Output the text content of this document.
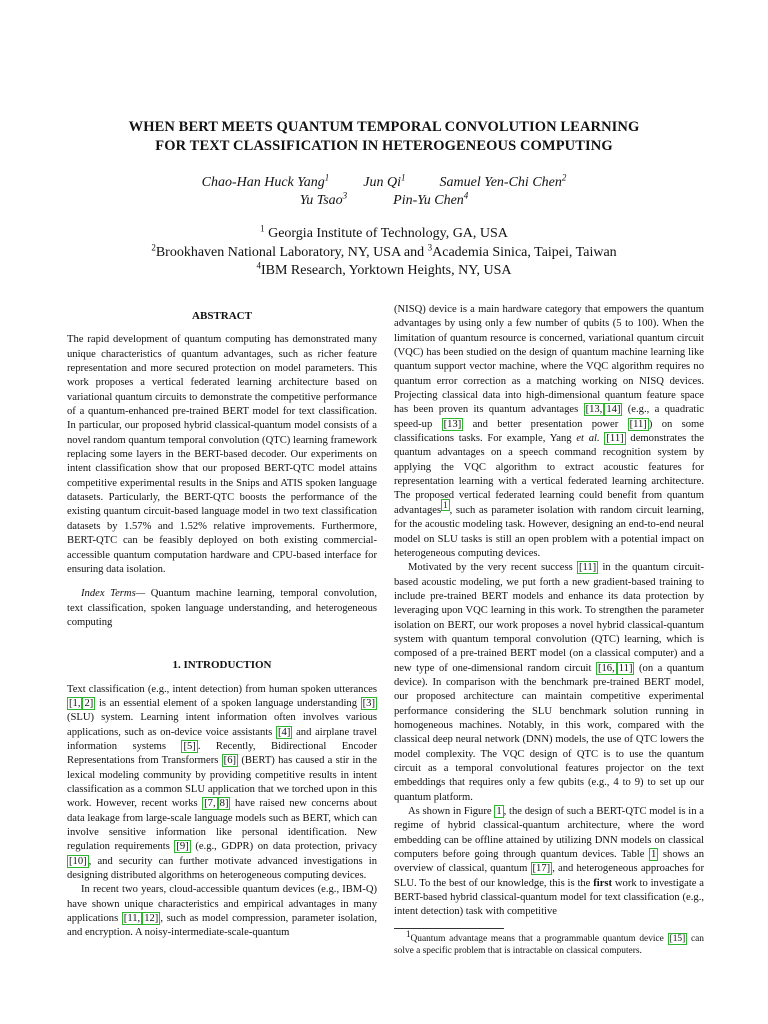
WHEN BERT MEETS QUANTUM TEMPORAL CONVOLUTION LEARNING
FOR TEXT CLASSIFICATION IN HETEROGENEOUS COMPUTING
Chao-Han Huck Yang$^1$ Jun Qi$^1$ Samuel Yen-Chi Chen$^2$
Yu Tsao$^3$	Pin-Yu Chen$^4$
$^1$ Georgia Institute of Technology, GA, USA
$^2$Brookhaven National Laboratory, NY, USA and $^3$Academia Sinica, Taipei, Taiwan
$^4$IBM Research, Yorktown Heights, NY, USA
ABSTRACT

The rapid development of quantum computing has demonstrated many unique characteristics of quantum advantages, such as richer feature representation and more secured protection on model parameters. This work proposes a vertical federated learning architecture based on variational quantum circuits to demonstrate the competitive performance of a quantum-enhanced pre-trained BERT model for text classification. In particular, our proposed hybrid classical-quantum model consists of a novel random quantum temporal convolution (QTC) learning framework replacing some layers in the BERT-based decoder. Our experiments on intent classification show that our proposed BERT-QTC model attains competitive experimental results in the Snips and ATIS spoken language datasets. Particularly, the BERT-QTC boosts the performance of the existing quantum circuit-based language model in two text classification datasets by 1.57% and 1.52% relative improvements. Furthermore, BERT-QTC can be feasibly deployed on both existing commercial-accessible quantum computation hardware and CPU-based interface for ensuring data isolation.

Index Terms— Quantum machine learning, temporal convolution, text classification, spoken language understanding, and heterogeneous computing

1. INTRODUCTION

Text classification (e.g., intent detection) from human spoken utterances [1, 2] is an essential element of a spoken language understanding [3] (SLU) system. Learning intent information often involves various applications, such as on-device voice assistants [4] and airplane travel information systems [5] . Recently, Bidirectional Encoder Representations from Transformers [6] (BERT) has caused a stir in the lexical modeling community by providing competitive results in intent classification as a common SLU application that we torched upon in this work. However, recent works [7, 8] have raised new concerns about data leakage from large-scale language models such as BERT, which can involve sensitive information like personal identification. New regulation requirements [9] (e.g., GDPR) on data protection, privacy [10] , and security can further motivate advanced investigations in designing distributed algorithms on heterogeneous computing devices.

In recent two years, cloud-accessible quantum devices (e.g., IBM-Q) have shown unique characteristics and empirical advantages in many applications [11, 12] , such as model compression, parameter isolation, and encryption. A noisy-intermediate-scale-quantum

(NISQ) device is a main hardware category that empowers the quantum advantages by using only a few number of qubits (5 to 100). When the limitation of quantum resource is concerned, variational quantum circuit (VQC) has been studied on the design of quantum machine learning like quantum support vector machine, where the VQC algorithm requires no quantum error correction as a matching working on NISQ devices. Projecting classical data into high-dimensional quantum feature space has been proven its quantum advantages [13, 14] (e.g., a quadratic speed-up [13] and better presentation power [11] ) on some classifications tasks. For example, Yang et al. [11] demonstrates the quantum advantages on a speech command recognition system by applying the VQC algorithm to extract acoustic features for representation learning with a vertical federated learning architecture. The proposed vertical federated learning could benefit from quantum advantages $^1$ , such as parameter isolation with random circuit learning, for the acoustic modeling task. However, designing an end-to-end neural model on SLU tasks is still an open problem with a potential impact on heterogeneous computing devices.

Motivated by the very recent success [11] in the quantum circuit-based acoustic modeling, we put forth a new gradient-based training to include pre-trained BERT models and enhance its data protection by leveraging upon VQC learning in this work. To strengthen the parameter isolation on BERT, our work proposes a novel hybrid classical-quantum system with quantum temporal convolution (QTC) learning, which is composed of a pre-trained BERT model (on a classical computer) and a new type of one-dimensional random circuit [16, 11] (on a quantum device). In comparison with the benchmark pre-trained BERT model, our proposed architecture can maintain competitive experimental performance considering the SLU benchmark solution running in homogeneous machines. Notably, in this work, compared with the classical deep neural network (DNN) models, the use of QTC lowers the model complexity. The VQC design of QTC is to use the quantum circuit as a temporal convolutional features projector on the text embeddings that requires only a few qubits (e.g., 4 to 9) to set up our quantum platform.

As shown in Figure 1 , the design of such a BERT-QTC model is in a regime of hybrid classical-quantum architecture, where the word embedding can be offline attained by utilizing DNN models on classical computers before going through quantum devices. Table 1 shows an overview of classical, quantum [17] , and heterogeneous approaches for SLU. To the best of our knowledge, this is the first work to investigate a BERT-based hybrid classical-quantum model for text classification (e.g., intent detection) task with competitive

$^1$Quantum advantage means that a programmable quantum device [15] can solve a specific problem that is intractable on classical computers.
